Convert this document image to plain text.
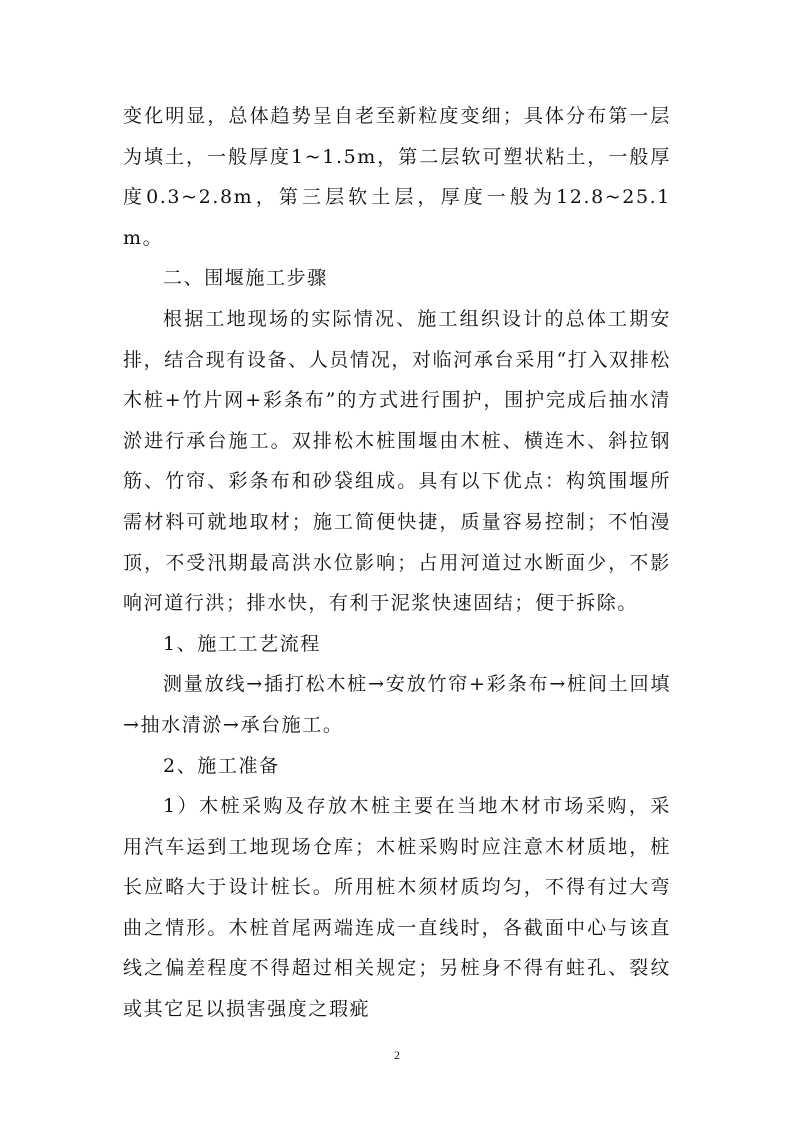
变化明显，总体趋势呈自老至新粒度变细；具体分布第一层为填土，一般厚度1~1.5m，第二层软可塑状粘土，一般厚度0.3~2.8m，第三层软土层，厚度一般为12.8~25.1m。

二、围堰施工步骤

根据工地现场的实际情况、施工组织设计的总体工期安排，结合现有设备、人员情况，对临河承台采用“打入双排松木桩+竹片网+彩条布”的方式进行围护，围护完成后抽水清淤进行承台施工。双排松木桩围堰由木桩、横连木、斜拉钢筋、竹帘、彩条布和砂袋组成。具有以下优点：构筑围堰所需材料可就地取材；施工简便快捷，质量容易控制；不怕漫顶，不受汛期最高洪水位影响；占用河道过水断面少，不影响河道行洪；排水快，有利于泥浆快速固结；便于拆除。

1、施工工艺流程

测量放线→插打松木桩→安放竹帘+彩条布→桩间土回填→抽水清淤→承台施工。

2、施工准备

1）木桩采购及存放木桩主要在当地木材市场采购，采用汽车运到工地现场仓库；木桩采购时应注意木材质地，桩长应略大于设计桩长。所用桩木须材质均匀，不得有过大弯曲之情形。木桩首尾两端连成一直线时，各截面中心与该直线之偏差程度不得超过相关规定；另桩身不得有蛀孔、裂纹或其它足以损害强度之瑕疵

2
